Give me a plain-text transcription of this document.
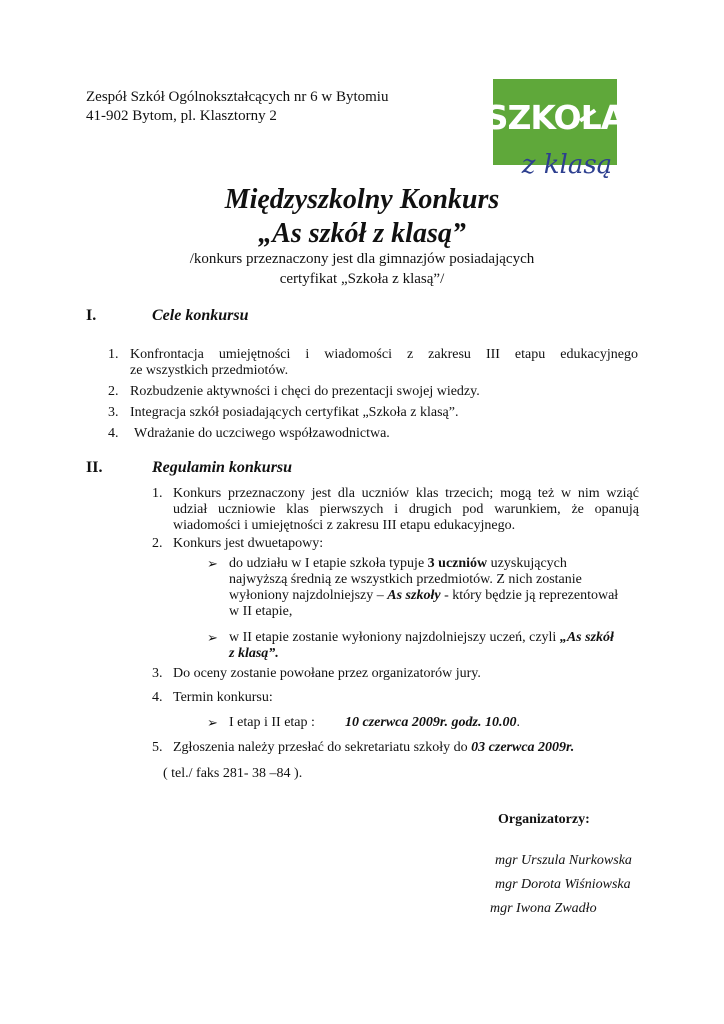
Zespół Szkół Ogólnokształcących nr 6 w Bytomiu
41-902 Bytom, pl. Klasztorny 2	SZKOŁA
z klasą
Międzyszkolny Konkurs
„As szkół z klasą”
/konkurs przeznaczony jest dla gimnazjów posiadających
certyfikat „Szkoła z klasą”/
I.	Cele konkursu
1. Konfrontacja umiejętności i wiadomości z zakresu III etapu edukacyjnego
ze wszystkich przedmiotów.
2. Rozbudzenie aktywności i chęci do prezentacji swojej wiedzy.
3. Integracja szkół posiadających certyfikat „Szkoła z klasą”.
4. Wdrażanie do uczciwego współzawodnictwa.
II.	Regulamin konkursu
1. Konkurs przeznaczony jest dla uczniów klas trzecich; mogą też w nim wziąć
udział uczniowie klas pierwszych i drugich pod warunkiem, że opanują
wiadomości i umiejętności z zakresu III etapu edukacyjnego.
2. Konkurs jest dwuetapowy:
➢ do udziału w I etapie szkoła typuje 3 uczniów uzyskujących
najwyższą średnią ze wszystkich przedmiotów. Z nich zostanie
wyłoniony najzdolniejszy – As szkoły - który będzie ją reprezentował
w II etapie,
➢ w II etapie zostanie wyłoniony najzdolniejszy uczeń, czyli „As szkół
z klasą”.
3. Do oceny zostanie powołane przez organizatorów jury.
4. Termin konkursu:
➢ I etap i II etap : 10 czerwca 2009r. godz. 10.00.
5. Zgłoszenia należy przesłać do sekretariatu szkoły do 03 czerwca 2009r.
( tel./ faks 281- 38 –84 ).
Organizatorzy:
mgr Urszula Nurkowska
mgr Dorota Wiśniowska
mgr Iwona Zwadło
